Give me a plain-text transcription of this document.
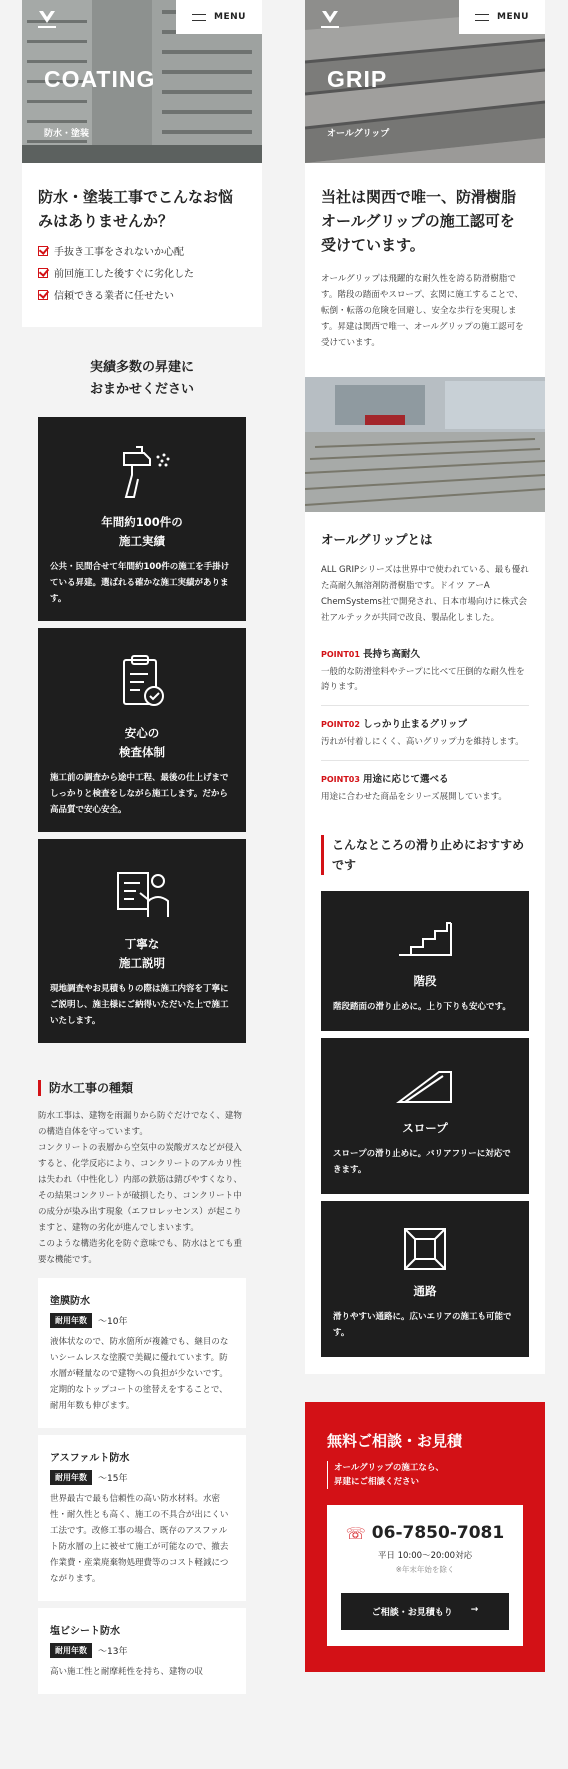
MENU
COATING
防水・塗装
防水・塗装工事でこんなお悩みはありませんか？
手抜き工事をされないか心配
前回施工した後すぐに劣化した
信頼できる業者に任せたい
実績多数の昇建に
おまかせください
年間約100件の
施工実績

公共・民間合せて年間約100件の施工を手掛けている昇建。選ばれる確かな施工実績があります。

安心の
検査体制

施工前の調査から途中工程、最後の仕上げまでしっかりと検査をしながら施工します。だから高品質で安心安全。

丁寧な
施工説明

現地調査やお見積もりの際は施工内容を丁寧にご説明し、施主様にご納得いただいた上で施工いたします。

防水工事の種類

防水工事は、建物を雨漏りから防ぐだけでなく、建物の構造自体を守っています。
コンクリートの表層から空気中の炭酸ガスなどが侵入すると、化学反応により、コンクリートのアルカリ性は失われ（中性化し）内部の鉄筋は錆びやすくなり、その結果コンクリートが破損したり、コンクリート中の成分が染み出す現象（エフロレッセンス）が起こりますと、建物の劣化が進んでしまいます。
このような構造劣化を防ぐ意味でも、防水はとても重要な機能です。

塗膜防水
耐用年数	〜10年

液体状なので、防水箇所が複雑でも、継目のないシームレスな塗膜で美観に優れています。防水層が軽量なので建物への負担が少ないです。定期的なトップコートの塗替えをすることで、耐用年数も伸びます。

アスファルト防水
耐用年数	〜15年

世界最古で最も信頼性の高い防水材料。水密性・耐久性とも高く、施工の不具合が出にくい工法です。改修工事の場合、既存のアスファルト防水層の上に被せて施工が可能なので、撤去作業費・産業廃棄物処理費等のコスト軽減につながります。

塩ビシート防水
耐用年数	〜13年

高い施工性と耐摩耗性を持ち、建物の収

MENU
GRIP
オールグリップ
当社は関西で唯一、防滑樹脂オールグリップの施工認可を受けています。

オールグリップは飛躍的な耐久性を誇る防滑樹脂です。階段の踏面やスロープ、玄関に施工することで、転倒・転落の危険を回避し、安全な歩行を実現します。昇建は関西で唯一、オールグリップの施工認可を受けています。

オールグリップとは

ALL GRIPシリーズは世界中で使われている、最も優れた高耐久無溶剤防滑樹脂です。ドイツ アーA ChemSystems社で開発され、日本市場向けに株式会社アルテックが共同で改良、製品化しました。

POINT01 長持ち高耐久

一般的な防滑塗料やテープに比べて圧倒的な耐久性を誇ります。

POINT02 しっかり止まるグリップ

汚れが付着しにくく、高いグリップ力を維持します。

POINT03 用途に応じて選べる

用途に合わせた商品をシリーズ展開しています。

こんなところの滑り止めにおすすめです
階段

階段踏面の滑り止めに。上り下りも安心です。

スロープ

スロープの滑り止めに。バリアフリーに対応できます。

通路

滑りやすい通路に。広いエリアの施工も可能です。

無料ご相談・お見積
オールグリップの施工なら、
昇建にご相談ください
☏ 06-7850-7081
平日 10:00〜20:00対応
※年末年始を除く
ご相談・お見積もり →
